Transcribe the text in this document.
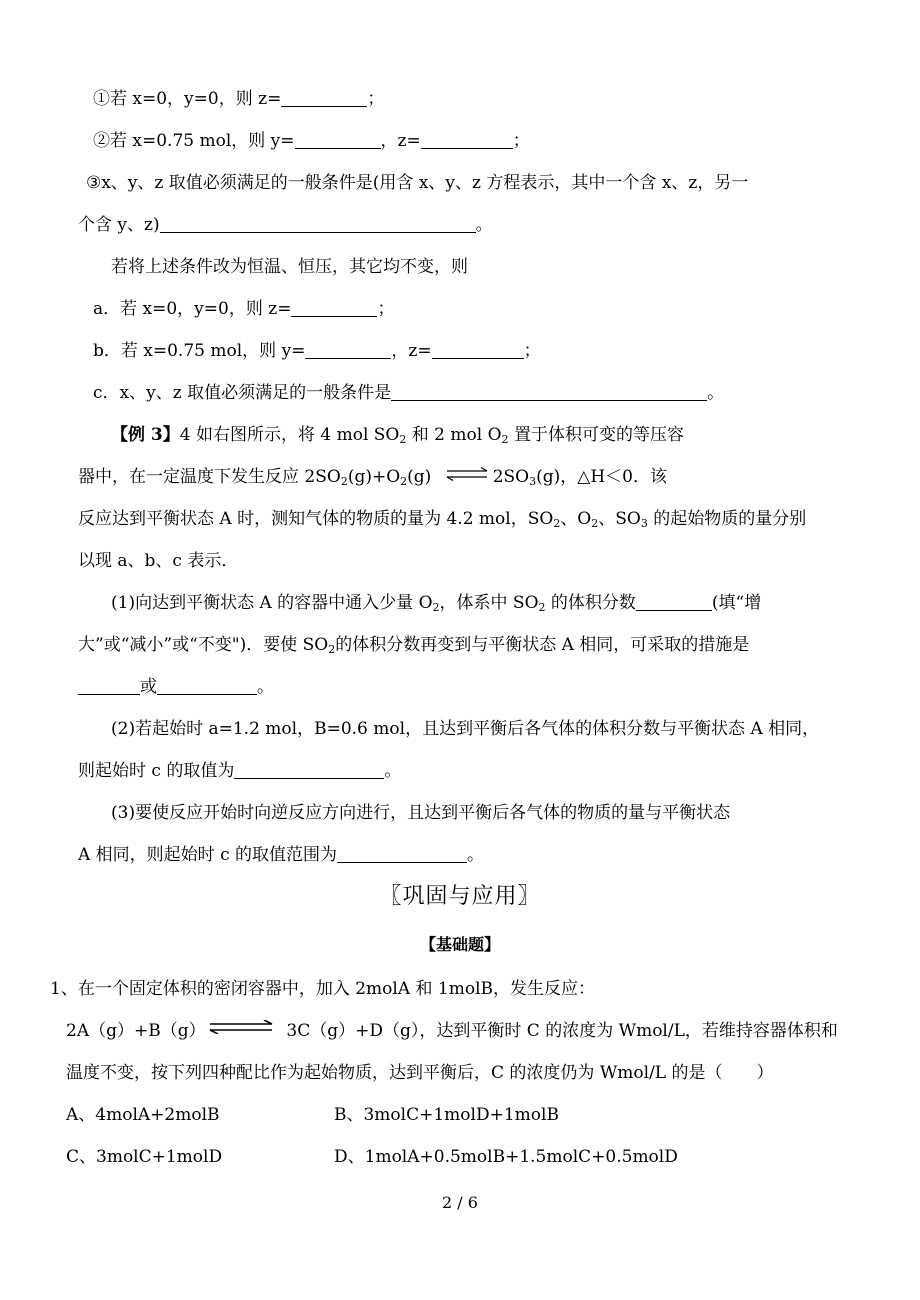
①若 x=0，y=0，则 z=	；
②若 x=0.75 mol，则 y=	，z=	；
③x、y、z 取值必须满足的一般条件是(用含 x、y、z 方程表示，其中一个含 x、z，另一
个含 y、z)	。
若将上述条件改为恒温、恒压，其它均不变，则
a．若 x=0，y=0，则 z=	；
b．若 x=0.75 mol，则 y=	，z=	；
c．x、y、z 取值必须满足的一般条件是	。
【例 3】4 如右图所示，将 4 mol $SO_2$ 和 2 mol $O_2$ 置于体积可变的等压容
器中，在一定温度下发生反应 $2SO_2(g)+O_2(g)$ ⇌ $2SO_3(g)$，△H＜0．该
反应达到平衡状态 A 时，测知气体的物质的量为 4.2 mol，$SO_2$、$O_2$、$SO_3$ 的起始物质的量分别
以现 a、b、c 表示．
(1)向达到平衡状态 A 的容器中通入少量 $O_2$，体系中 $SO_2$ 的体积分数	(填“增
大”或“减小”或“不变")．要使 $SO_2$的体积分数再变到与平衡状态 A 相同，可采取的措施是
或	。
(2)若起始时 a=1.2 mol，B=0.6 mol，且达到平衡后各气体的体积分数与平衡状态 A 相同，
则起始时 c 的取值为	。
(3)要使反应开始时向逆反应方向进行，且达到平衡后各气体的物质的量与平衡状态
A 相同，则起始时 c 的取值范围为	。
〖巩固与应用〗
【基础题】
1、在一个固定体积的密闭容器中，加入 2molA 和 1molB，发生反应：
2A（g）+B（g） ⇌ 3C（g）+D（g），达到平衡时 C 的浓度为 Wmol/L，若维持容器体积和
温度不变，按下列四种配比作为起始物质，达到平衡后，C 的浓度仍为 Wmol/L 的是（　　）
A、4molA+2molB	B、3molC+1molD+1molB
C、3molC+1molD	D、1molA+0.5molB+1.5molC+0.5molD
2 / 6
